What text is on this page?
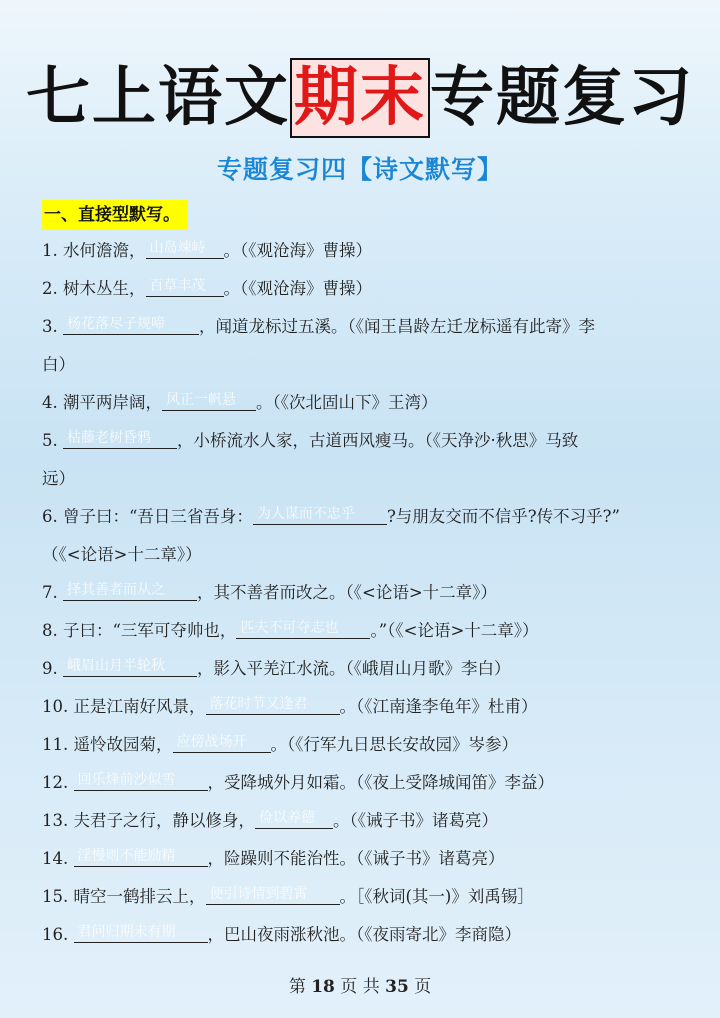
七上语文期末专题复习
专题复习四【诗文默写】
一、直接型默写。
1. 水何澹澹， 山岛竦峙 。（《观沧海》曹操）
2. 树木丛生， 百草丰茂 。（《观沧海》曹操）
3. 杨花落尽子规啼 ，闻道龙标过五溪。（《闻王昌龄左迁龙标遥有此寄》李
白）
4. 潮平两岸阔， 风正一帆悬 。（《次北固山下》王湾）
5. 枯藤老树昏鸦 ，小桥流水人家，古道西风瘦马。（《天净沙·秋思》马致
远）
6. 曾子曰：“吾日三省吾身： 为人谋而不忠乎 ?与朋友交而不信乎?传不习乎?”
（《<论语>十二章》）
7. 择其善者而从之 ，其不善者而改之。（《<论语>十二章》）
8. 子曰：“三军可夺帅也， 匹夫不可夺志也 。”（《<论语>十二章》）
9. 峨眉山月半轮秋 ，影入平羌江水流。（《峨眉山月歌》李白）
10. 正是江南好风景， 落花时节又逢君 。（《江南逢李龟年》杜甫）
11. 遥怜故园菊， 应傍战场开 。（《行军九日思长安故园》岑参）
12. 回乐烽前沙似雪 ，受降城外月如霜。（《夜上受降城闻笛》李益）
13. 夫君子之行，静以修身， 俭以养德 。（《诫子书》诸葛亮）
14. 淫慢则不能励精 ，险躁则不能治性。（《诫子书》诸葛亮）
15. 晴空一鹤排云上， 便引诗情到碧霄 。［《秋词(其一)》刘禹锡］
16. 君问归期未有期 ，巴山夜雨涨秋池。（《夜雨寄北》李商隐）
第 18 页 共 35 页
